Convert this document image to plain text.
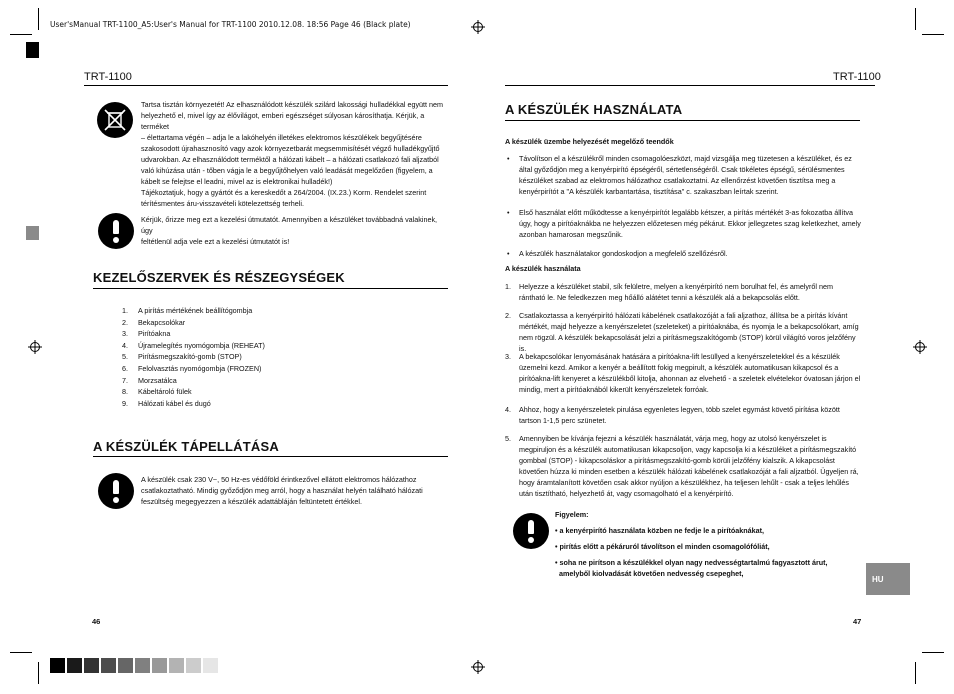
User'sManual TRT-1100_A5:User's Manual for TRT-1100 2010.12.08. 18:56 Page 46 (Black plate)
TRT-1100
Tartsa tisztán környezetét! Az elhasználódott készülék szilárd lakossági hulladékkal együtt nem
helyezhető el, mivel így az élővilágot, emberi egészséget súlyosan károsíthatja. Kérjük, a terméket
– élettartama végén – adja le a lakóhelyén illetékes elektromos készülékek begyűjtésére
szakosodott újrahasznosító vagy azok környezetbarát megsemmisítését végző hulladékgyűjtő
udvarokban. Az elhasználódott terméktől a hálózati kábelt – a hálózati csatlakozó fali aljzatból
való kihúzása után - tőben vágja le a begyűjtőhelyen való leadását megelőzően (figyelem, a
kábelt se felejtse el leadni, mivel az is elektronikai hulladék!)
Tájékoztatjuk, hogy a gyártót és a kereskedőt a 264/2004. (IX.23.) Korm. Rendelet szerint
térítésmentes áru-visszavételi kötelezettség terheli.
Kérjük, őrizze meg ezt a kezelési útmutatót. Amennyiben a készüléket továbbadná valakinek, úgy
feltétlenül adja vele ezt a kezelési útmutatót is!
KEZELŐSZERVEK ÉS RÉSZEGYSÉGEK
1. A pirítás mértékének beállítógombja
2. Bekapcsolókar
3. Pirítóakna
4. Újramelegítés nyomógombja (REHEAT)
5. Pirításmegszakító-gomb (STOP)
6. Felolvasztás nyomógombja (FROZEN)
7. Morzsatálca
8. Kábeltároló fülek
9. Hálózati kábel és dugó
A KÉSZÜLÉK TÁPELLÁTÁSA
A készülék csak 230 V~, 50 Hz-es védőföld érintkezővel ellátott elektromos hálózathoz
csatlakoztatható. Mindig győződjön meg arról, hogy a használat helyén található hálózati
feszültség megegyezzen a készülék adattábláján feltüntetett értékkel.
46
TRT-1100
A KÉSZÜLÉK HASZNÁLATA
A készülék üzembe helyezését megelőző teendők
• Távolítson el a készülékről minden csomagolóeszközt, majd vizsgálja meg tüzetesen a készüléket, és ez által győződjön meg a kenyérpirító épségéről, sértetlenségéről. Csak tökéletes épségű, sérülésmentes készüléket szabad az elektromos hálózathoz csatlakoztatni. Az ellenőrzést követően tisztítsa meg a kenyérpirítót a "A készülék karbantartása, tisztítása" c. szakaszban leírtak szerint.
• Első használat előtt működtesse a kenyérpirítót legalább kétszer, a pirítás mértékét 3-as fokozatba állítva úgy, hogy a pirítóaknákba ne helyezzen előzetesen még pékárut. Ekkor jellegzetes szag keletkezhet, amely azonban hamarosan megszűnik.
• A készülék használatakor gondoskodjon a megfelelő szellőzésről.
A készülék használata
1. Helyezze a készüléket stabil, sík felületre, melyen a kenyérpirító nem borulhat fel, és amelyről nem rántható le. Ne feledkezzen meg hőálló alátétet tenni a készülék alá a bekapcsolás előtt.
2. Csatlakoztassa a kenyérpirító hálózati kábelének csatlakozóját a fali aljzathoz, állítsa be a pirítás kívánt mértékét, majd helyezze a kenyérszeletet (szeleteket) a pirítóaknába, és nyomja le a bekapcsolókart, amíg nem rögzül. A készülék bekapcsolását jelzi a pirításmegszakítógomb (STOP) körül világító voros jelzőfény is.
3. A bekapcsolókar lenyomásának hatására a pirítóakna-lift lesüllyed a kenyérszeletekkel és a készülék üzemelni kezd. Amikor a kenyér a beállított fokig megpirult, a készülék automatikusan kikapcsol és a pirítóakna-lift kenyeret a készülékből kitolja, ahonnan az elvehető - a szeletek elvételekor óvatosan járjon el mindig, mert a pirítóaknából kikerült kenyérszeletek forróak.
4. Ahhoz, hogy a kenyérszeletek pirulása egyenletes legyen, több szelet egymást követő pirítása között tartson 1-1,5 perc szünetet.
5. Amennyiben be kívánja fejezni a készülék használatát, várja meg, hogy az utolsó kenyérszelet is megpiruljon és a készülék automatikusan kikapcsoljon, vagy kapcsolja ki a készüléket a pirításmegszakító gombbal (STOP) - kikapcsoláskor a pirításmegszakító-gomb körüli jelzőfény kialszik. A kikapcsolást követően húzza ki minden esetben a készülék hálózati kábelének csatlakozóját a fali aljzatból. Ügyeljen rá, hogy áramtalanított követően csak akkor nyúljon a készülékhez, ha teljesen lehűlt - csak a teljes lehűlés után tisztítható, helyezhető át, vagy csomagolható el a kenyérpirító.
Figyelem:
• a kenyérpirító használata közben ne fedje le a pirítóaknákat,
• pirítás előtt a pékáruról távolítson el minden csomagolófóliát,
• soha ne pirítson a készülékkel olyan nagy nedvességtartalmú fagyasztott árut,
amelyből kiolvadását követően nedvesség csepeghet,
HU
47
